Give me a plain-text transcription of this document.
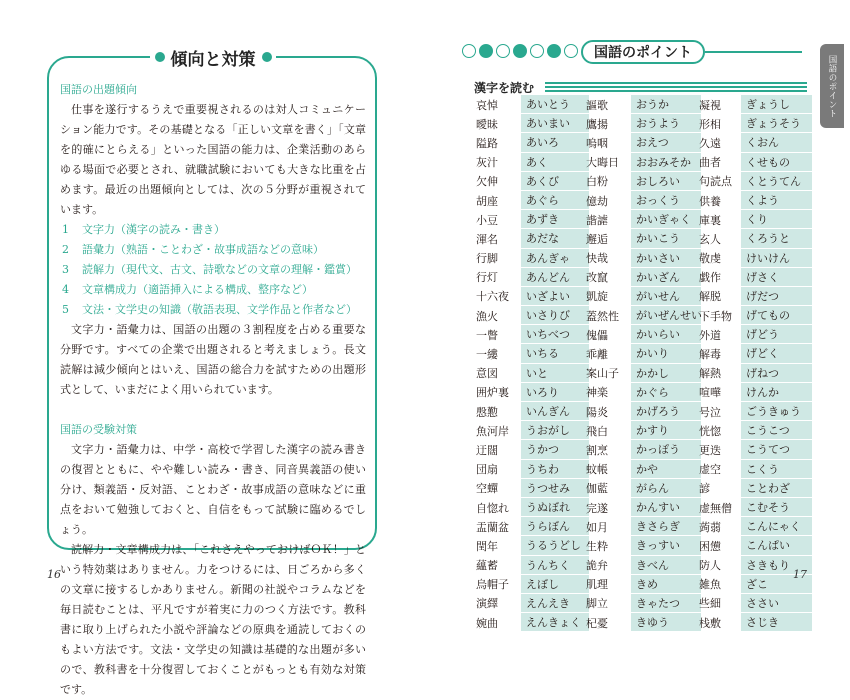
傾向と対策
国語の出題傾向

仕事を遂行するうえで重要視されるのは対人コミュニケーション能力です。その基礎となる「正しい文章を書く」「文章を的確にとらえる」といった国語の能力は、企業活動のあらゆる場面で必要とされ、就職試験においても大きな比重を占めます。最近の出題傾向としては、次の５分野が重視されています。

1 文字力（漢字の読み・書き）
2 語彙力（熟語・ことわざ・故事成語などの意味）
3 読解力（現代文、古文、詩歌などの文章の理解・鑑賞）
4 文章構成力（適語挿入による構成、整序など）
5 文法・文学史の知識（敬語表現、文学作品と作者など）

文字力・語彙力は、国語の出題の３割程度を占める重要な分野です。すべての企業で出題されると考えましょう。長文読解は減少傾向とはいえ、国語の総合力を試すための出題形式として、いまだによく用いられています。

国語の受験対策

文字力・語彙力は、中学・高校で学習した漢字の読み書きの復習とともに、やや難しい読み・書き、同音異義語の使い分け、類義語・反対語、ことわざ・故事成語の意味などに重点をおいて勉強しておくと、自信をもって試験に臨めるでしょう。

読解力・文章構成力は、「これさえやっておけばＯＫ！」という特効薬はありません。力をつけるには、日ごろから多くの文章に接するしかありません。新聞の社説やコラムなどを毎日読むことは、平凡ですが着実に力のつく方法です。教科書に取り上げられた小説や評論などの原典を通読しておくのもよい方法です。文法・文学史の知識は基礎的な出題が多いので、教科書を十分復習しておくことがもっとも有効な対策です。

16
国語のポイント
漢字を読む
哀悼	あいとう
曖昧	あいまい
隘路	あいろ
灰汁	あく
欠伸	あくび
胡座	あぐら
小豆	あずき
渾名	あだな
行脚	あんぎゃ
行灯	あんどん
十六夜	いざよい
漁火	いさりび
一瞥	いちべつ
一縷	いちる
意図	いと
囲炉裏	いろり
慇懃	いんぎん
魚河岸	うおがし
迂闊	うかつ
団扇	うちわ
空蟬	うつせみ
自惚れ	うぬぼれ
盂蘭盆	うらぼん
閏年	うるうどし
蘊蓄	うんちく
烏帽子	えぼし
演繹	えんえき
婉曲	えんきょく
謳歌	おうか
鷹揚	おうよう
嗚咽	おえつ
大晦日	おおみそか
白粉	おしろい
億劫	おっくう
諧謔	かいぎゃく
邂逅	かいこう
快哉	かいさい
改竄	かいざん
凱旋	がいせん
蓋然性	がいぜんせい
傀儡	かいらい
乖離	かいり
案山子	かかし
神楽	かぐら
陽炎	かげろう
飛白	かすり
割烹	かっぽう
蚊帳	かや
伽藍	がらん
完遂	かんすい
如月	きさらぎ
生粋	きっすい
詭弁	きべん
肌理	きめ
脚立	きゃたつ
杞憂	きゆう
凝視	ぎょうし
形相	ぎょうそう
久遠	くおん
曲者	くせもの
句読点	くとうてん
供養	くよう
庫裏	くり
玄人	くろうと
敬虔	けいけん
戯作	げさく
解脱	げだつ
下手物	げてもの
外道	げどう
解毒	げどく
解熱	げねつ
喧嘩	けんか
号泣	ごうきゅう
恍惚	こうこつ
更迭	こうてつ
虚空	こくう
諺	ことわざ
虚無僧	こむそう
蒟蒻	こんにゃく
困憊	こんぱい
防人	さきもり
雑魚	ざこ
些細	ささい
栈敷	さじき
17
国語のポイント
